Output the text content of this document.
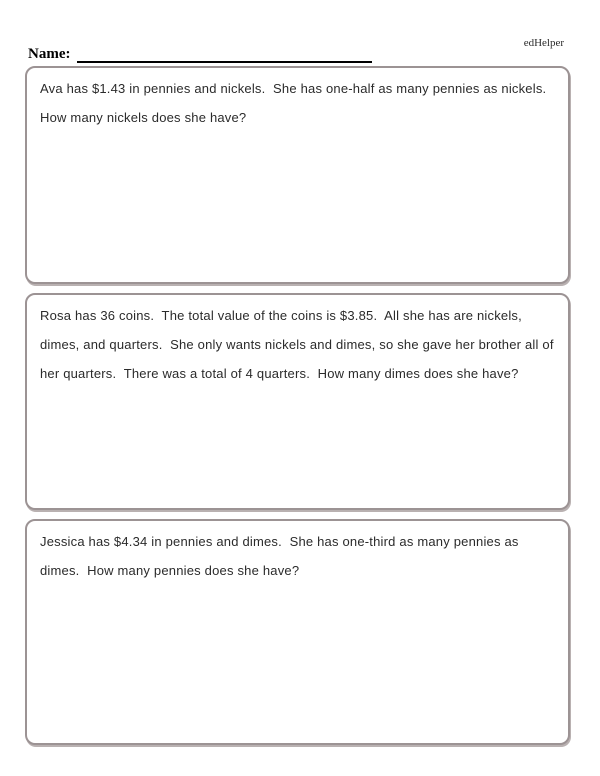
edHelper
Name:

Ava has $1.43 in pennies and nickels.  She has one-half as many pennies as nickels.  How many nickels does she have?

Rosa has 36 coins.  The total value of the coins is $3.85.  All she has are nickels, dimes, and quarters.  She only wants nickels and dimes, so she gave her brother all of her quarters.  There was a total of 4 quarters.  How many dimes does she have?

Jessica has $4.34 in pennies and dimes.  She has one-third as many pennies as dimes.  How many pennies does she have?
